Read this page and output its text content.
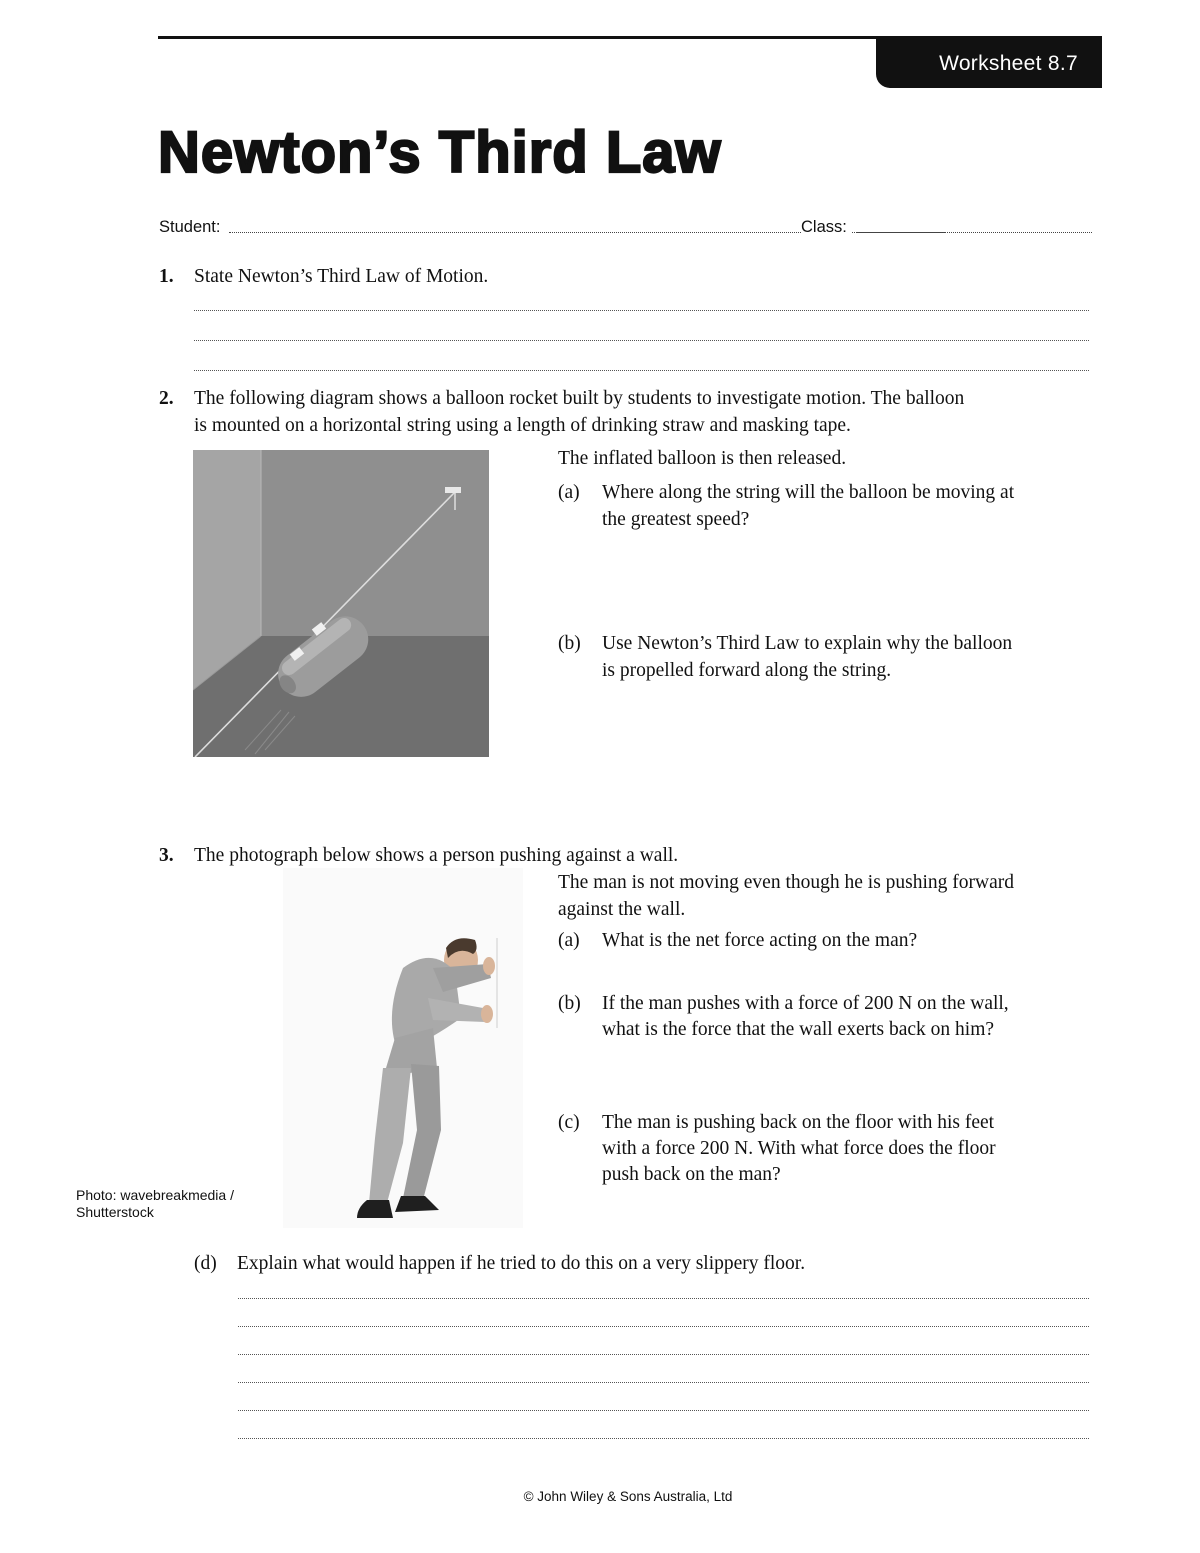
Worksheet 8.7
Newton’s Third Law
Student:	Class:
1. State Newton’s Third Law of Motion.
2. The following diagram shows a balloon rocket built by students to investigate motion. The balloon
is mounted on a horizontal string using a length of drinking straw and masking tape.
The inflated balloon is then released.
(a) Where along the string will the balloon be moving at
the greatest speed?
(b) Use Newton’s Third Law to explain why the balloon
is propelled forward along the string.
3. The photograph below shows a person pushing against a wall.
The man is not moving even though he is pushing forward
against the wall.
(a) What is the net force acting on the man?
(b) If the man pushes with a force of 200 N on the wall,
what is the force that the wall exerts back on him?
(c) The man is pushing back on the floor with his feet
with a force 200 N. With what force does the floor
push back on the man?
Photo: wavebreakmedia /
Shutterstock
(d) Explain what would happen if he tried to do this on a very slippery floor.
© John Wiley & Sons Australia, Ltd
